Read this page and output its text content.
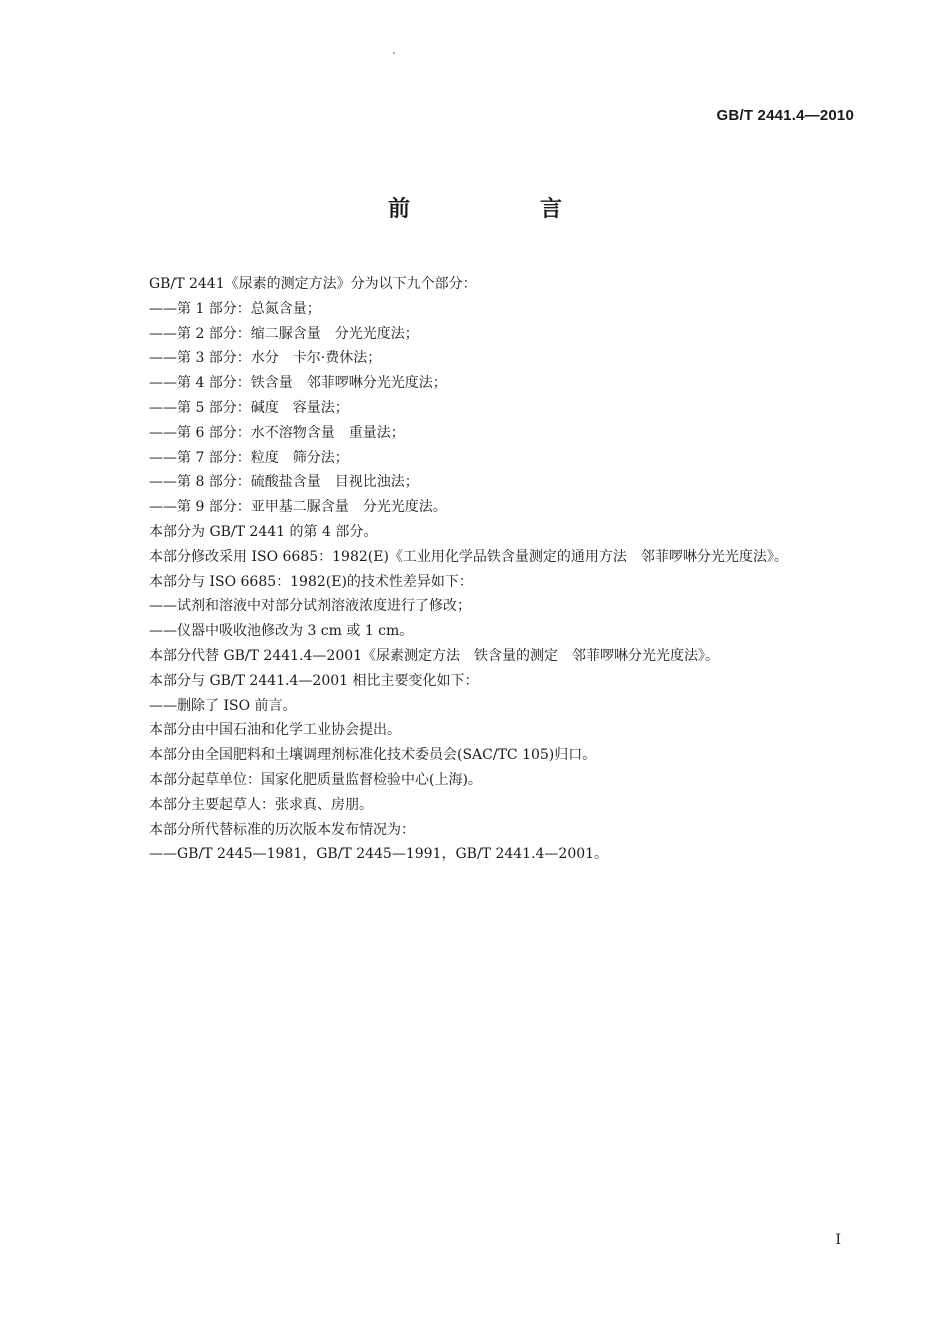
GB/T 2441.4—2010
前　言
GB/T 2441《尿素的测定方法》分为以下九个部分：
——第 1 部分：总氮含量；
——第 2 部分：缩二脲含量　分光光度法；
——第 3 部分：水分　卡尔·费休法；
——第 4 部分：铁含量　邻菲啰啉分光光度法；
——第 5 部分：碱度　容量法；
——第 6 部分：水不溶物含量　重量法；
——第 7 部分：粒度　筛分法；
——第 8 部分：硫酸盐含量　目视比浊法；
——第 9 部分：亚甲基二脲含量　分光光度法。
本部分为 GB/T 2441 的第 4 部分。
本部分修改采用 ISO 6685：1982(E)《工业用化学品铁含量测定的通用方法　邻菲啰啉分光光度法》。
本部分与 ISO 6685：1982(E)的技术性差异如下：
——试剂和溶液中对部分试剂溶液浓度进行了修改；
——仪器中吸收池修改为 3 cm 或 1 cm。
本部分代替 GB/T 2441.4—2001《尿素测定方法　铁含量的测定　邻菲啰啉分光光度法》。
本部分与 GB/T 2441.4—2001 相比主要变化如下：
——删除了 ISO 前言。
本部分由中国石油和化学工业协会提出。
本部分由全国肥料和土壤调理剂标准化技术委员会(SAC/TC 105)归口。
本部分起草单位：国家化肥质量监督检验中心(上海)。
本部分主要起草人：张求真、房朋。
本部分所代替标准的历次版本发布情况为：
——GB/T 2445—1981，GB/T 2445—1991，GB/T 2441.4—2001。
I
